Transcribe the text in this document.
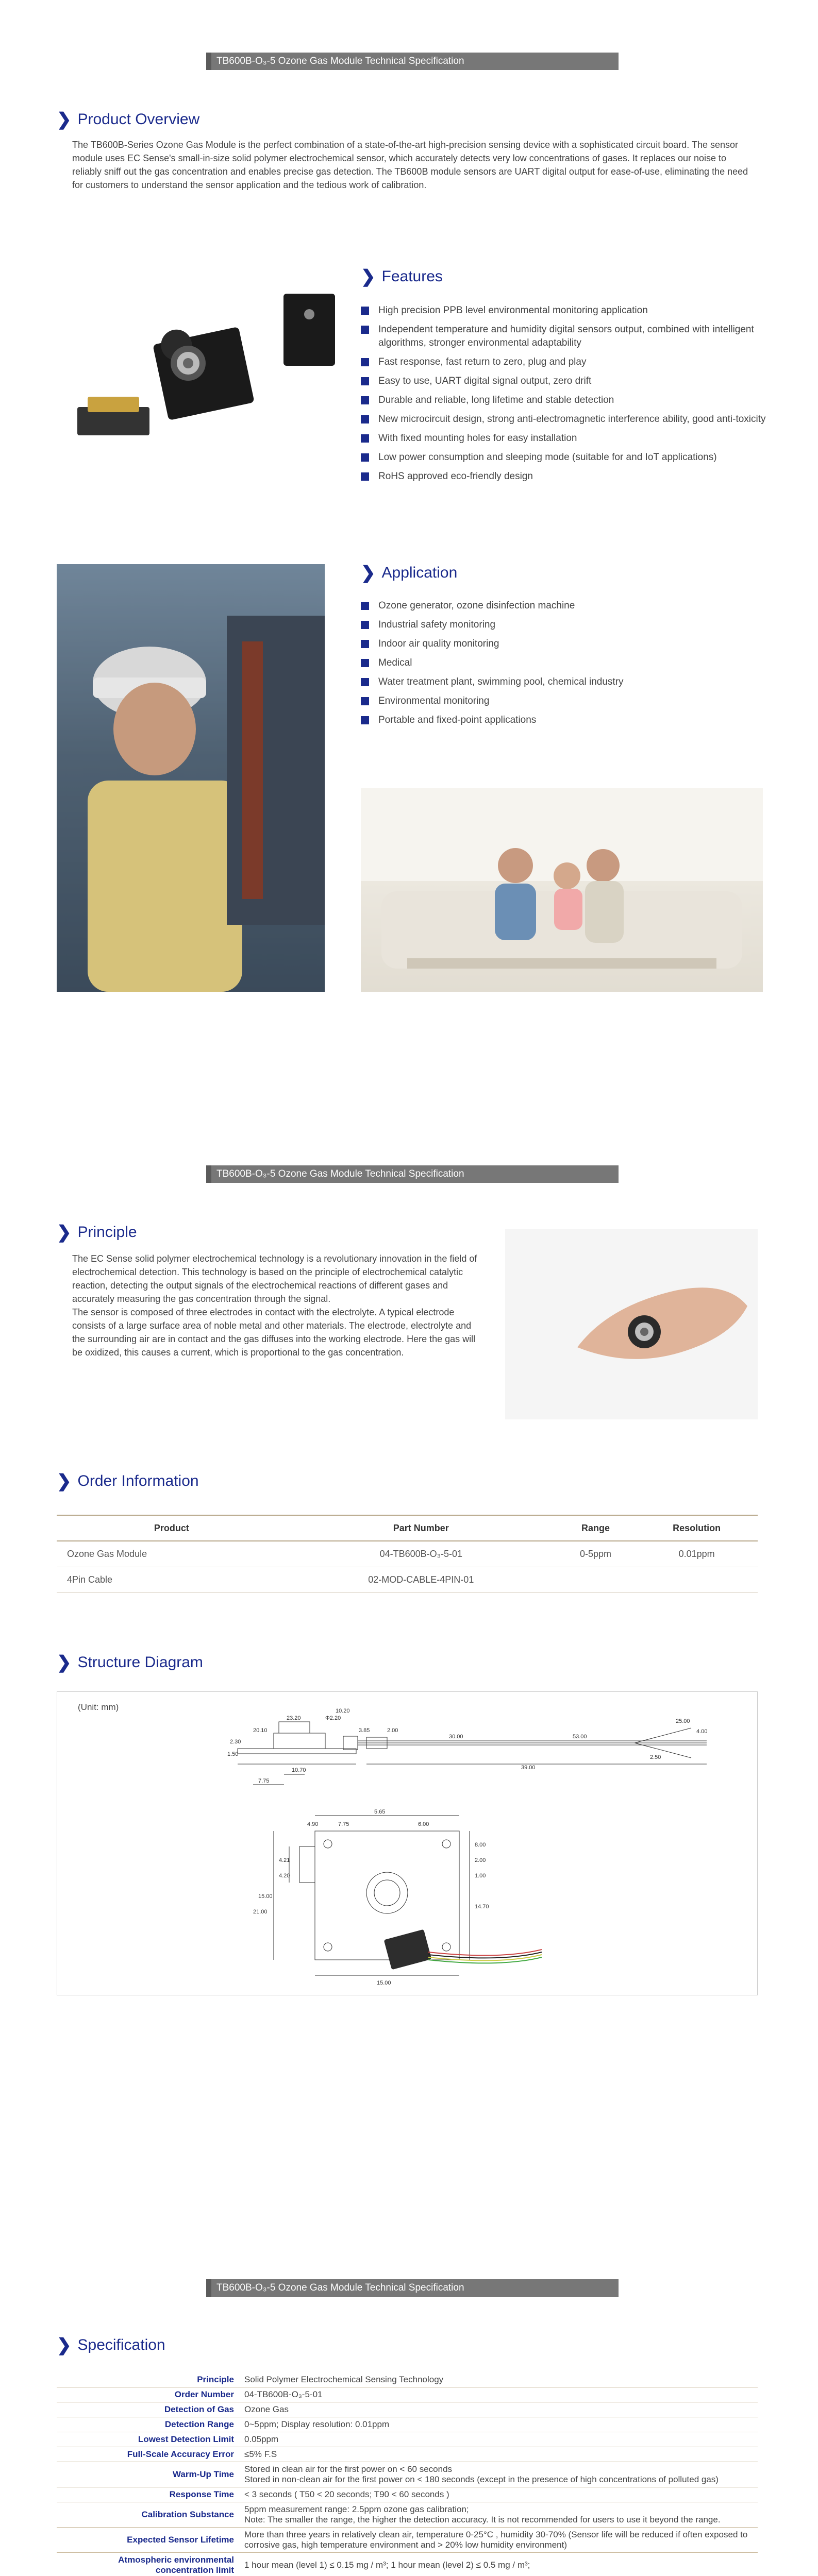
TB600B-O₃-5 Ozone Gas Module Technical Specification
❯ Product Overview

The TB600B-Series Ozone Gas Module is the perfect combination of a state-of-the-art high-precision sensing device with a sophisticated circuit board. The sensor module uses EC Sense's small-in-size solid polymer electrochemical sensor, which accurately detects very low concentrations of gases. It replaces our noise to reliably sniff out the gas concentration and enables precise gas detection. The TB600B module sensors are UART digital output for ease-of-use, eliminating the need for customers to understand the sensor application and the tedious work of calibration.

❯ Features
High precision PPB level environmental monitoring application
Independent temperature and humidity digital sensors output, combined with intelligent algorithms, stronger environmental adaptability
Fast response, fast return to zero, plug and play
Easy to use, UART digital signal output, zero drift
Durable and reliable, long lifetime and stable detection
New microcircuit design, strong anti-electromagnetic interference ability, good anti-toxicity
With fixed mounting holes for easy installation
Low power consumption and sleeping mode (suitable for and IoT applications)
RoHS approved eco-friendly design
❯ Application
Ozone generator, ozone disinfection machine
Industrial safety monitoring
Indoor air quality monitoring
Medical
Water treatment plant, swimming pool, chemical industry
Environmental monitoring
Portable and fixed-point applications
TB600B-O₃-5 Ozone Gas Module Technical Specification
❯ Principle

The EC Sense solid polymer electrochemical technology is a revolutionary innovation in the field of electrochemical detection. This technology is based on the principle of electrochemical catalytic reaction, detecting the output signals of the electrochemical reactions of different gases and accurately measuring the gas concentration through the signal.
The sensor is composed of three electrodes in contact with the electrolyte. A typical electrode consists of a large surface area of noble metal and other materials. The electrode, electrolyte and the surrounding air are in contact and the gas diffuses into the working electrode. Here the gas will be oxidized, this causes a current, which is proportional to the gas concentration.

❯ Order Information
Product	Part Number	Range	Resolution
Ozone Gas Module	04-TB600B-O₃-5-01	0-5ppm	0.01ppm
4Pin Cable	02-MOD-CABLE-4PIN-01		
❯ Structure Diagram
(Unit: mm)
23.20
20.10
2.30
Φ2.20
1.50
10.20
3.85	2.00
30.00	53.00
39.00
25.00
2.50
4.00
10.70
7.75
4.90	7.75
5.65
6.00
4.21
4.20
15.00
21.00
8.00
2.00
1.00
14.70
15.00
TB600B-O₃-5 Ozone Gas Module Technical Specification
❯ Specification
Principle	Solid Polymer Electrochemical Sensing Technology
Order Number	04-TB600B-O₃-5-01
Detection of Gas	Ozone Gas
Detection Range	0~5ppm; Display resolution: 0.01ppm
Lowest Detection Limit	0.05ppm
Full-Scale Accuracy Error	≤5% F.S
Warm-Up Time	Stored in clean air for the first power on < 60 seconds
Stored in non-clean air for the first power on < 180 seconds (except in the presence of high concentrations of polluted gas)
Response Time	< 3 seconds ( T50 < 20 seconds; T90 < 60 seconds )
Calibration Substance	5ppm measurement range: 2.5ppm ozone gas calibration;
Note: The smaller the range, the higher the detection accuracy. It is not recommended for users to use it beyond the range.
Expected Sensor Lifetime	More than three years in relatively clean air, temperature 0-25°C , humidity 30-70% (Sensor life will be reduced if often exposed to corrosive gas, high temperature environment and > 20% low humidity environment)
Atmospheric environmental concentration limit	1 hour mean (level 1) ≤ 0.15 mg / m³; 1 hour mean (level 2) ≤ 0.5 mg / m³;
